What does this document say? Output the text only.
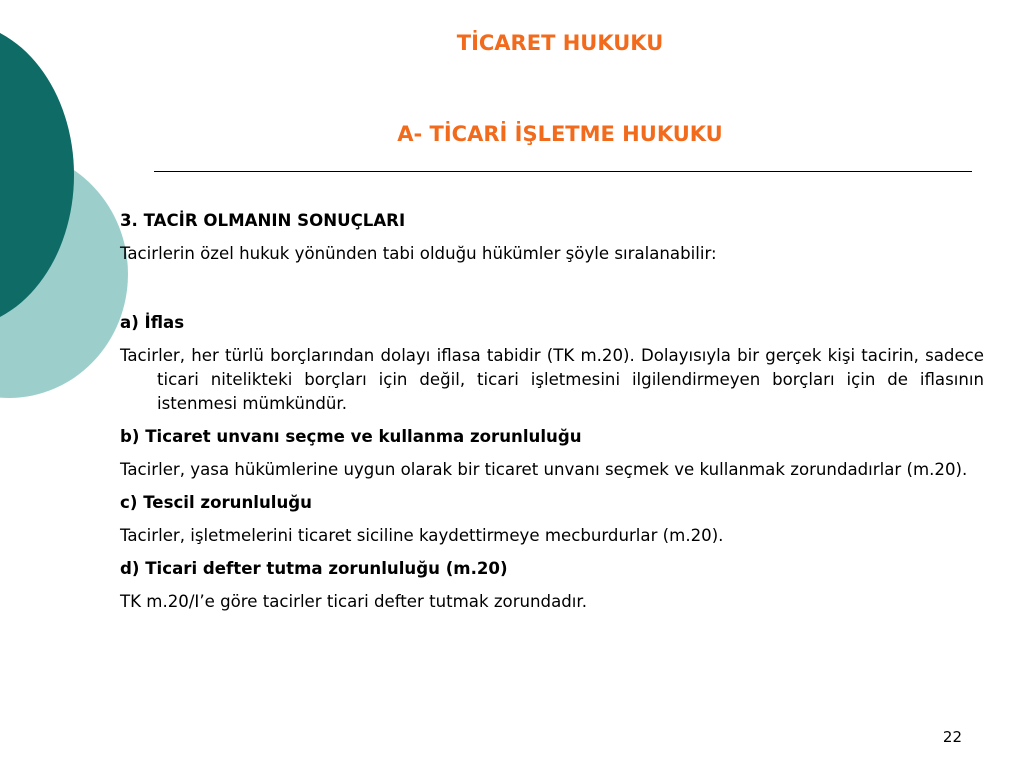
TİCARET HUKUKU
A- TİCARİ İŞLETME HUKUKU

3. TACİR OLMANIN SONUÇLARI

Tacirlerin özel hukuk yönünden tabi olduğu hükümler şöyle sıralanabilir:

a) İflas

Tacirler, her türlü borçlarından dolayı iflasa tabidir (TK m.20). Dolayısıyla bir gerçek kişi tacirin, sadece ticari nitelikteki borçları için değil, ticari işletmesini ilgilendirmeyen borçları için de iflasının istenmesi mümkündür.

b) Ticaret unvanı seçme ve kullanma zorunluluğu

Tacirler, yasa hükümlerine uygun olarak bir ticaret unvanı seçmek ve kullanmak zorundadırlar (m.20).

c) Tescil zorunluluğu

Tacirler, işletmelerini ticaret siciline kaydettirmeye mecburdurlar (m.20).

d) Ticari defter tutma zorunluluğu (m.20)

TK m.20/I’e göre tacirler ticari defter tutmak zorundadır.

22
